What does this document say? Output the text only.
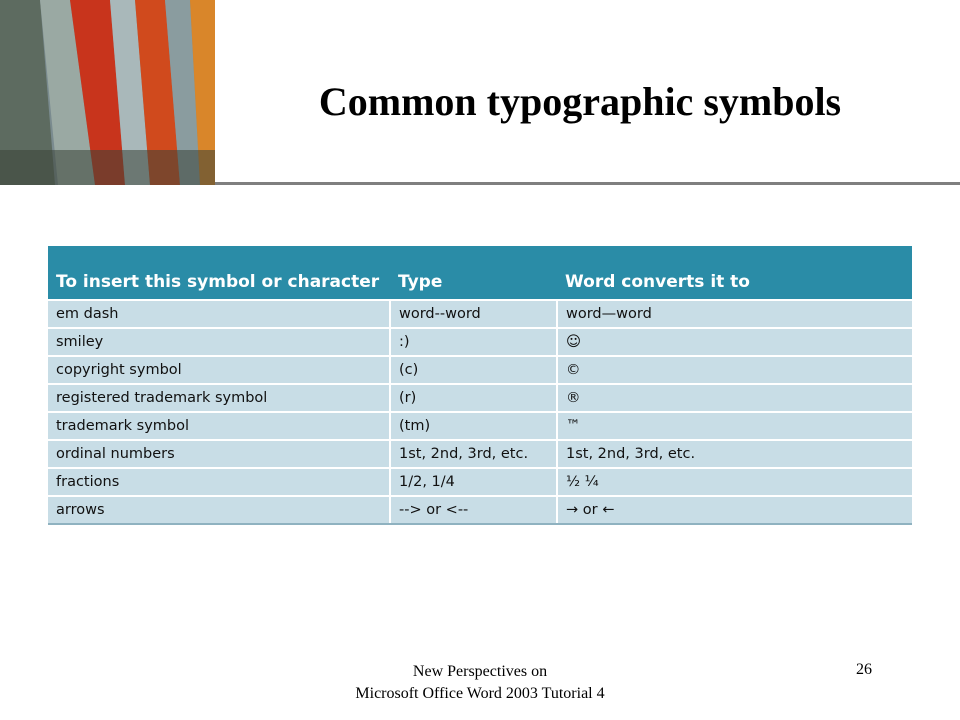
Common typographic symbols
To insert this symbol or character	Type	Word converts it to
em dash	word--word	word—word
smiley	:)	☺
copyright symbol	(c)	©
registered trademark symbol	(r)	®
trademark symbol	(tm)	™
ordinal numbers	1st, 2nd, 3rd, etc.	1st, 2nd, 3rd, etc.
fractions	1/2, 1/4	½ ¼
arrows	--> or <--	→ or ←
New Perspectives on
Microsoft Office Word 2003 Tutorial 4
26
